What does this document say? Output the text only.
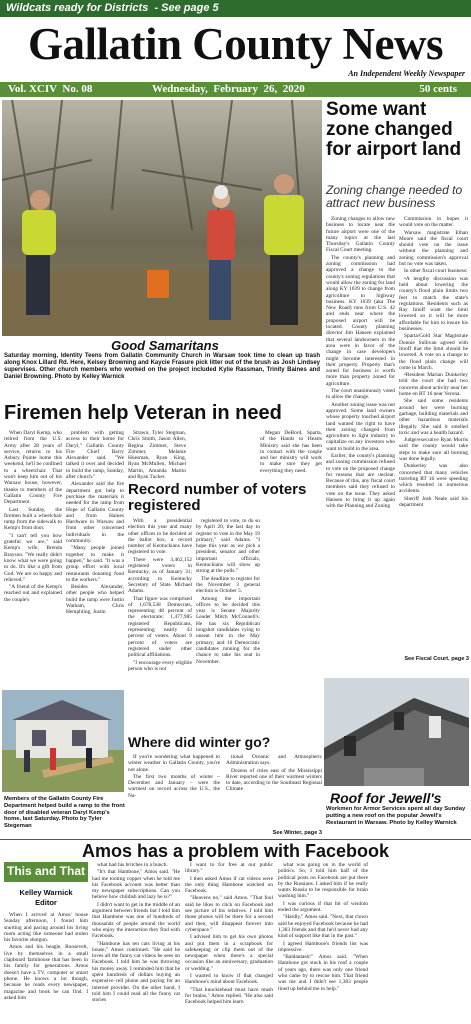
Wildcats ready for Districts  - See page 5
Gallatin County News
An Independent Weekly Newspaper
Vol. XCIV  No. 08	Wednesday,  February  26,  2020	50 cents
Good Samaritans
Saturday morning, Identity Teens from Gallatin Community Church in Warsaw took time to clean up trash along Knox Lillard Rd. Here, Kelsey Browning and Kaycie Frasure pick litter out of the brush as Josh Lindsey supervises. Other church members who worked on the project included Kylie Rassman, Trinity Baines and Daniel Browning. Photo by Kelley Warnick
Some want zone changed for airport land
Zoning change needed to attract new business

Zoning changes to allow new business to locate near the future airport were one of the many topics at the last Thursday's Gallatin County Fiscal Court meeting.

The county's planning and zoning commission had approved a change to the county's zoning regulations that would allow the zoning for land along KY 1039 to change from agriculture to highway business. KY 1039 (aka The New Road) runs from U.S. 42 and ends near where the proposed airport will be located. County planning director Jim Hansen explained that several landowners in the area were in favor of the change in case developers might become interested in their property. Property that's zoned for business is worth more than property zoned for agriculture.

The court unanimously voted to allow the change.

Another zoning issue was not approved. Some land owners whose property touched airport land wanted the right to have their zoning changed from agriculture to light industry to capitalize on any investors who want to build in the area.

Earlier, the county's planning and zoning commission refused to vote on the proposed change for reasons that are unclear. Because of this, any fiscal court members said they refused to vote on the issue. They asked Hansen to bring it up again with the Planning and Zoning

Commission in hopes it would vote on the matter.

Warsaw magistrate Ethan Moore said the fiscal court should vote on the issue without the planning and zoning commission's approval but no vote was taken.

In other fiscal court business:

•A lengthy discussion was held about lowering the county's flood plain limits two feet to match the state's regulations. Residents such as Ray Imoff want the limit lowered so it will be more affordable for him to insure his businesses.

Sparta/Gold Star Magistrate Donnie Sullivan agreed with Imoff that the limit should be lowered. A vote on a change to the flood plain change will come in March.

•Resident Marian Dunkerley told the court she had two concerns about activity near her home on RT 16 near Verona.

She said some residents around her were burning garbage, building materials and other hazardous materials illegally. She said it smelled toxic and was a health hazard.

Judge/executive Ryan Morris said the county would take steps to make sure all burning was done legally.

Dunkerley was also concerned that many vehicles traveling RT 16 were speeding which resulted in numerous accidents.

Sheriff Josh Neale said his department

See Fiscal Court, page 3
Firemen help Veteran in need

When Daryl Kemp, who retired from the U.S. Army after 28 years of service, returns to his Asbury Pointe home this weekend, he'll be confined to a wheelchair. That won't keep him out of his Warsaw house, however, thanks to members of the Gallatin County Fire Department.

Last Sunday, the firemen built a wheelchair ramp from the sidewalk to Kemp's front door.

"I can't tell you how grateful we are," said Kemp's wife, Brenda Brayson. "We really didn't know what we were going to do. It's like a gift from God. We are so happy and relieved."

"A friend of the Kemp's reached out and explained the couple's

problem with getting access to their home for Daryl," Gallatin County Fire Chief Barry Alexander said. "We talked it over and decided to build the ramp, Sunday, after church."

Alexander said the fire department got help to purchase the materials it needed for the ramp from Hope of Gallatin County and from Haines Hardware in Warsaw and from other concerned individuals in the community.

"Many people joined together to make it happen," he said. "It was a group effort with local restaurants donating food to the workers."

Besides Alexander, other people who helped build the ramp were Justin Watham, Chris Hemphling, Justin

Strawn, Tyler Stegman, Chris Smith, Jason Allen, Regina Zimmer, Steve Zimmer, Melanie Huesman, Ryan King, Ryan McMullen, Michael Martin, Amanda Martin and Ryan Tucker.

Megan DeBord, Sparta, of the Hands to Hearts Ministry said she has been in contact with the couple and her ministry will work to make sure they get everything they need.

Record number of voters registered

With a presidential election this year and many other offices to be decided at the ballot box, a record number of Kentuckians have registered to vote.

There were 3,462,152 registered voters in Kentucky, as of January 31; according to Kentucky Secretary of State Michael Adams.

That figure was comprised of 1,678,538 Democrats, representing 48 percent of the electorate; 1,477,985 registered Republicans, representing nearly 43 percent of voters. About 9 percent of voters are registered under other political affiliations.

"I encourage every eligible person who is not

registered to vote, to do so by April 20, the last day to register to vote in the May 19 primary," said Adams. "I hope this year as we pick a president, senator and other important officials, Kentuckians will show up strong at the polls."

The deadline to register for the November 3 general election is October 5.

Among the important offices to be decided this year is Senate Majority Leader Mitch McConnell's. He has six Republican longshot candidates vying to unseat him in the May primary, and 10 Democratic candidates running for the chance to take his seat in November.

Members of the Gallatin County Fire Department helped build a ramp to the front door of disabled veteran Daryl Kemp's home, last Saturday. Photo by Tyler Stegeman
Where did winter go?

If you're wondering what happened to winter weather in Gallatin County, you're not alone.

The first two months of winter – December and January – were the warmest on record across the U.S., the Na-

tional Oceanic and Atmospheric Administration says.

Dozens of cities east of the Mississippi River reported one of their warmest winters to date, according to the Southeast Regional Climate

See Winter, page 3
Roof for Jewell's
Workmen for Armor Services spent all day Sunday putting a new roof on the popular Jewell's Restaurant in Warsaw. Photo by Kelley Warnick
Amos has a problem with Facebook
This and That
Kelley Warnick
Editor

When I arrived at Amos' house Sunday afternoon, I found him snorting and pacing around his living room acting like someone had stolen his favorite shotgun.

Amos and his beagle, Roosevelt, live by themselves in a small clapboard farmhouse that has been in his family for generations. Amos doesn't have a TV, computer or smart phone. He knows a lot though, because he reads every newspaper, magazine and book he can find. I asked him

what had his britches in a bunch.

"It's that Hambone," Amos said. "He had me tooting copper when he told me his Facebook account was better than my newspaper subscriptions. Can you believe how childish and lazy he is?"

I didn't want to get in the middle of an argument between friends but I told him that Hambone was one of hundreds of thousands of people around the world who enjoy the interaction they find with Facebook.

"Hambone has ten cats living at his house," Amos continued. "He said he loves all the funny cat videos he sees on Facebook. I told him he was throwing his money away. I reminded him that he spent hundreds of dollars buying an expensive cell phone and paying for an internet provider. On the other hand, I told him I could read all the funny cat stories

I want to for free at our public library."

I then asked Amos if cat videos were the only thing Hambone watched on Facebook.

"Heavens no," said Amos. "That fool said he likes to click on Facebook and see picture of his relatives. I told him those photos will be there for a second and then, will disappear forever into cyberspace."

I advised him to get his own photos and put them in a scrapbook for safekeeping or clip them out of the newspaper when there's a special occasion like an anniversary, graduation or wedding."

I wanted to know if that changed Hambone's mind about Facebook.

"That knucklehead must have mush for brains," Amos replied. "He also said Facebook helped him learn

what was going on in the world of politics. So, I told him half of the political posts on Facebook are put there by the Russians. I asked him if he really wants Russia to be responsible for brain washing him."

I was curious if that bit of wisdom ended the argument.

"Hardly," Amos said. "Next, that clown said he enjoyed Facebook because he had 1,383 friends and that he'd never had any kind of support like that in the past."

I agreed Hambone's friends list was impressive.

"Baldantash!" Amos said. "When Hambone got stuck in his roof a couple of years ago, there was only one friend who came by to rescue him. That friend was me and I didn't see 1,383 people lined up behind me to help."
